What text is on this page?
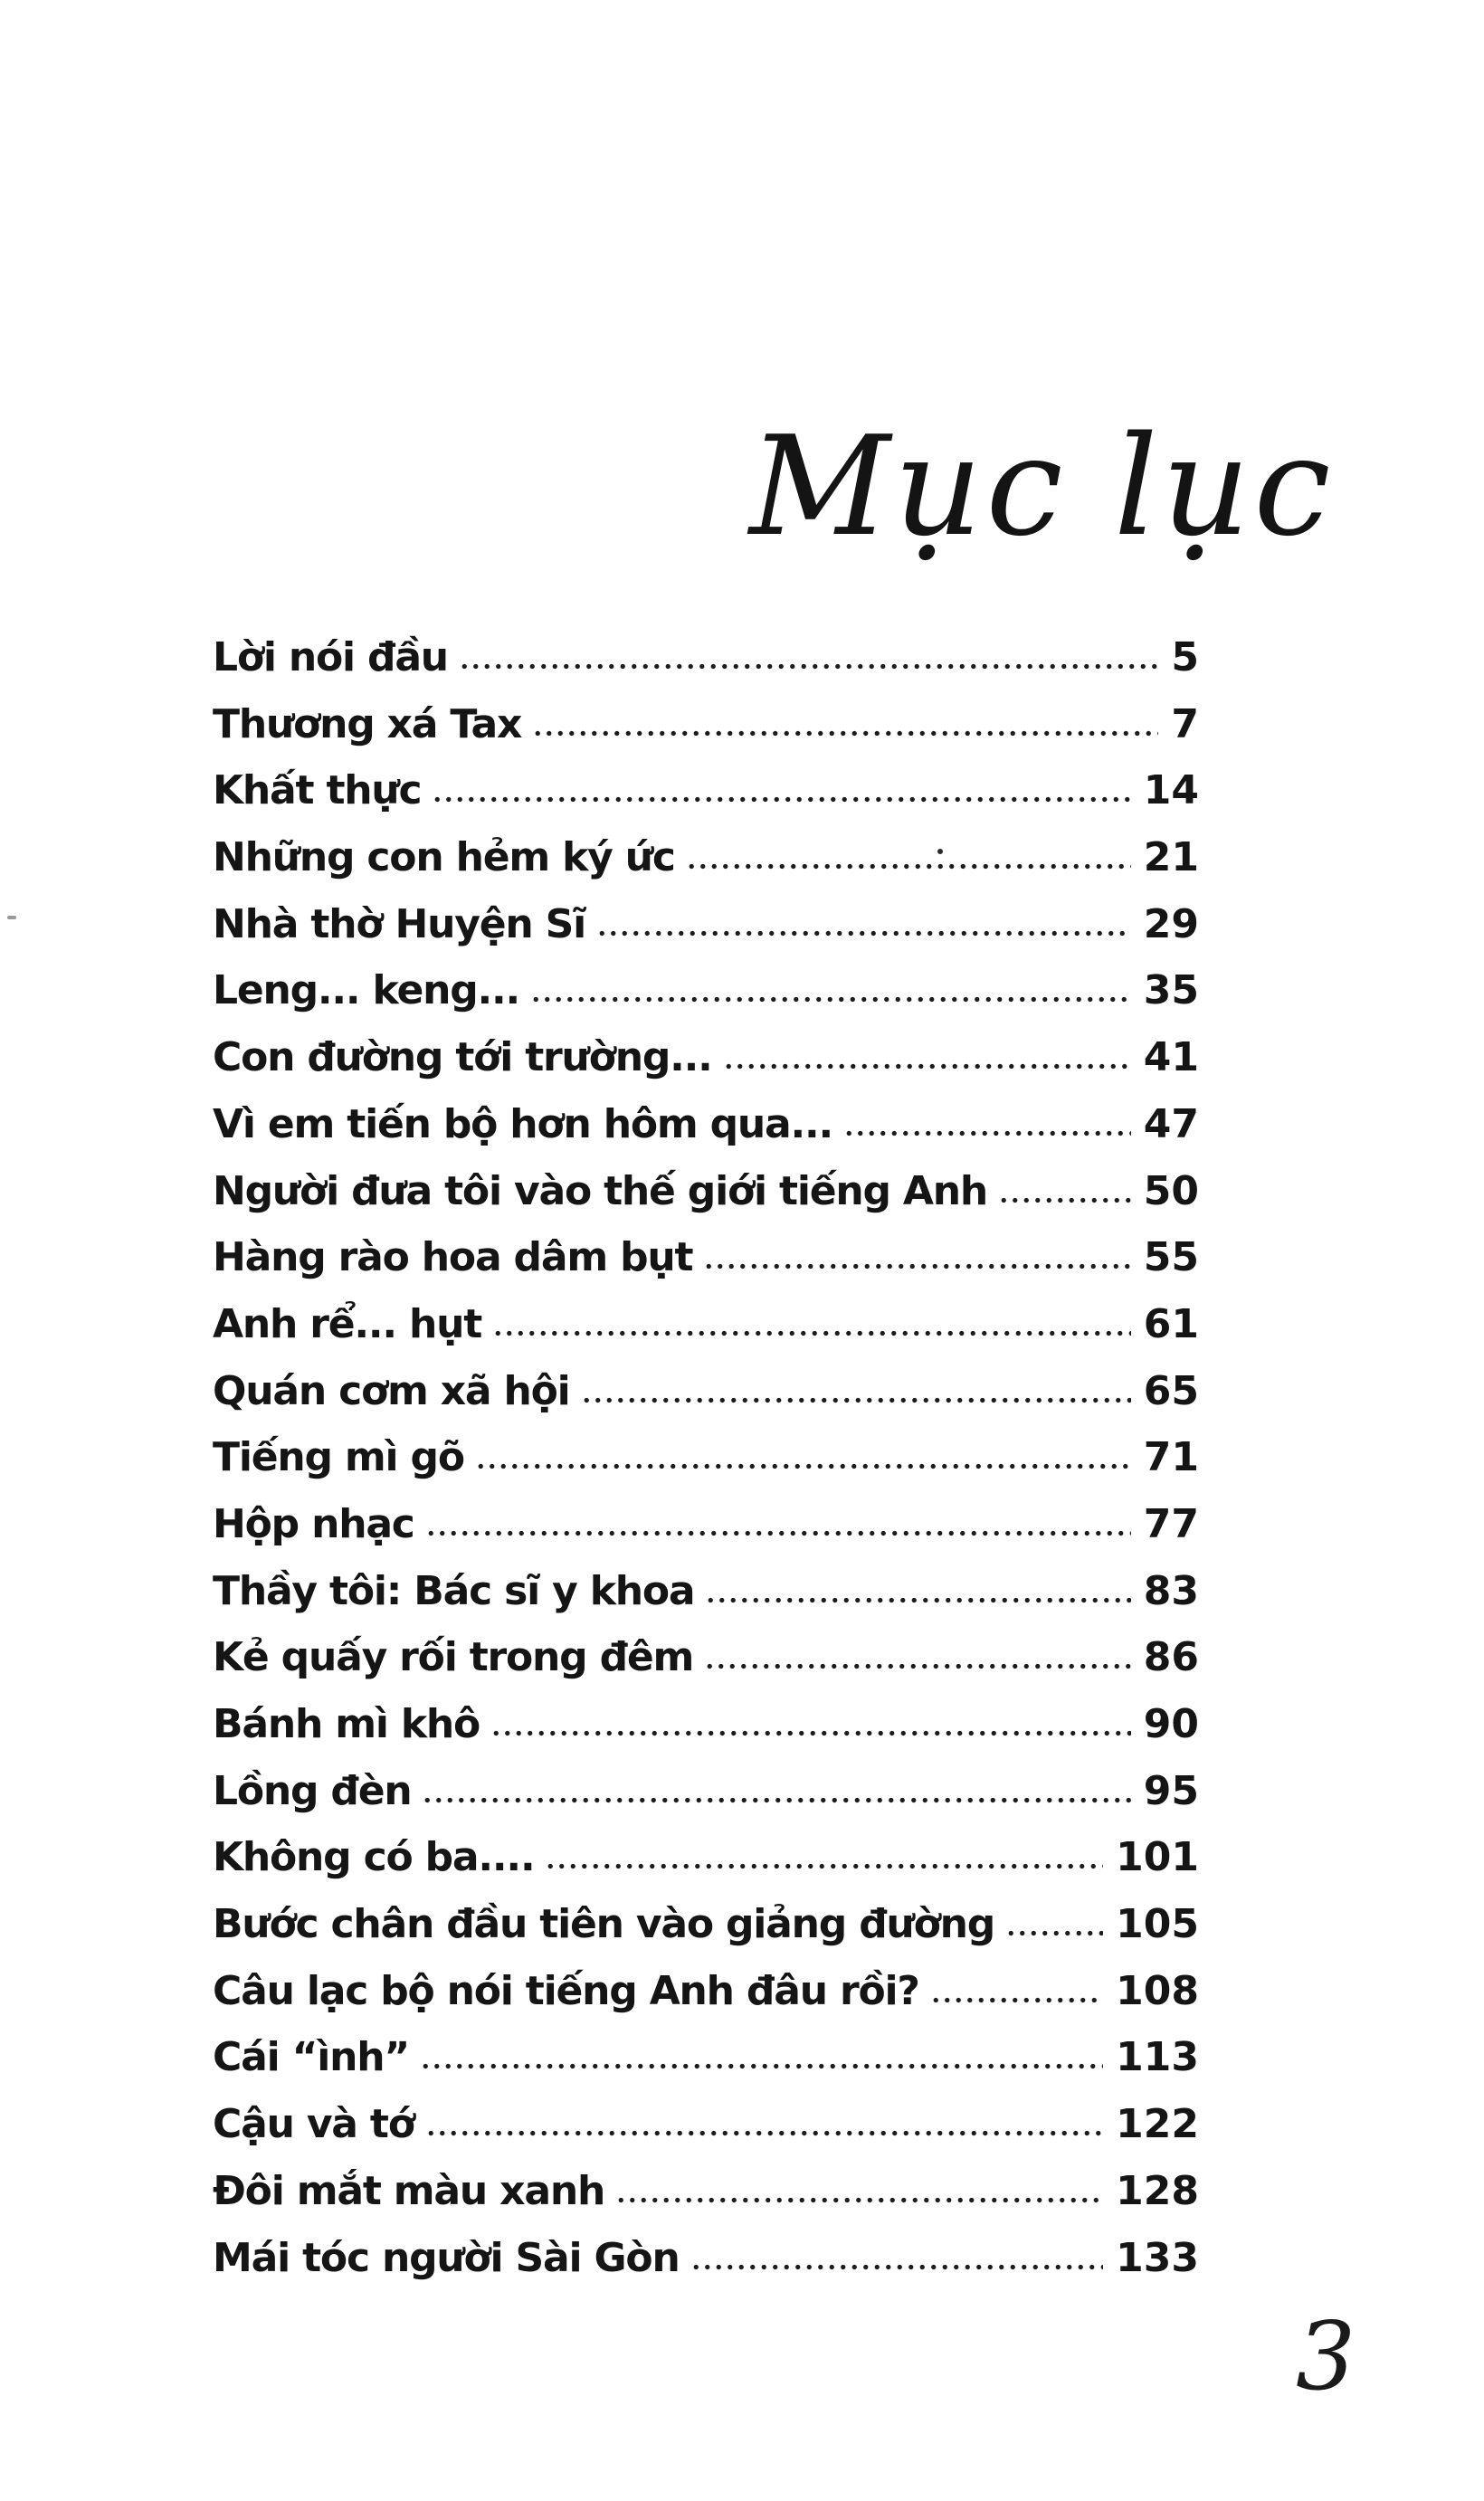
Mục lục
Lời nói đầu	5
Thương xá Tax	7
Khất thực	14
Những con hẻm ký ức	21
Nhà thờ Huyện Sĩ	29
Leng... keng...	35
Con đường tới trường...	41
Vì em tiến bộ hơn hôm qua...	47
Người đưa tôi vào thế giới tiếng Anh	50
Hàng rào hoa dâm bụt	55
Anh rể... hụt	61
Quán cơm xã hội	65
Tiếng mì gõ	71
Hộp nhạc	77
Thầy tôi: Bác sĩ y khoa	83
Kẻ quấy rối trong đêm	86
Bánh mì khô	90
Lồng đèn	95
Không có ba....	101
Bước chân đầu tiên vào giảng đường	105
Câu lạc bộ nói tiếng Anh đâu rồi?	108
Cái “ình”	113
Cậu và tớ	122
Đôi mắt màu xanh	128
Mái tóc người Sài Gòn	133
3
